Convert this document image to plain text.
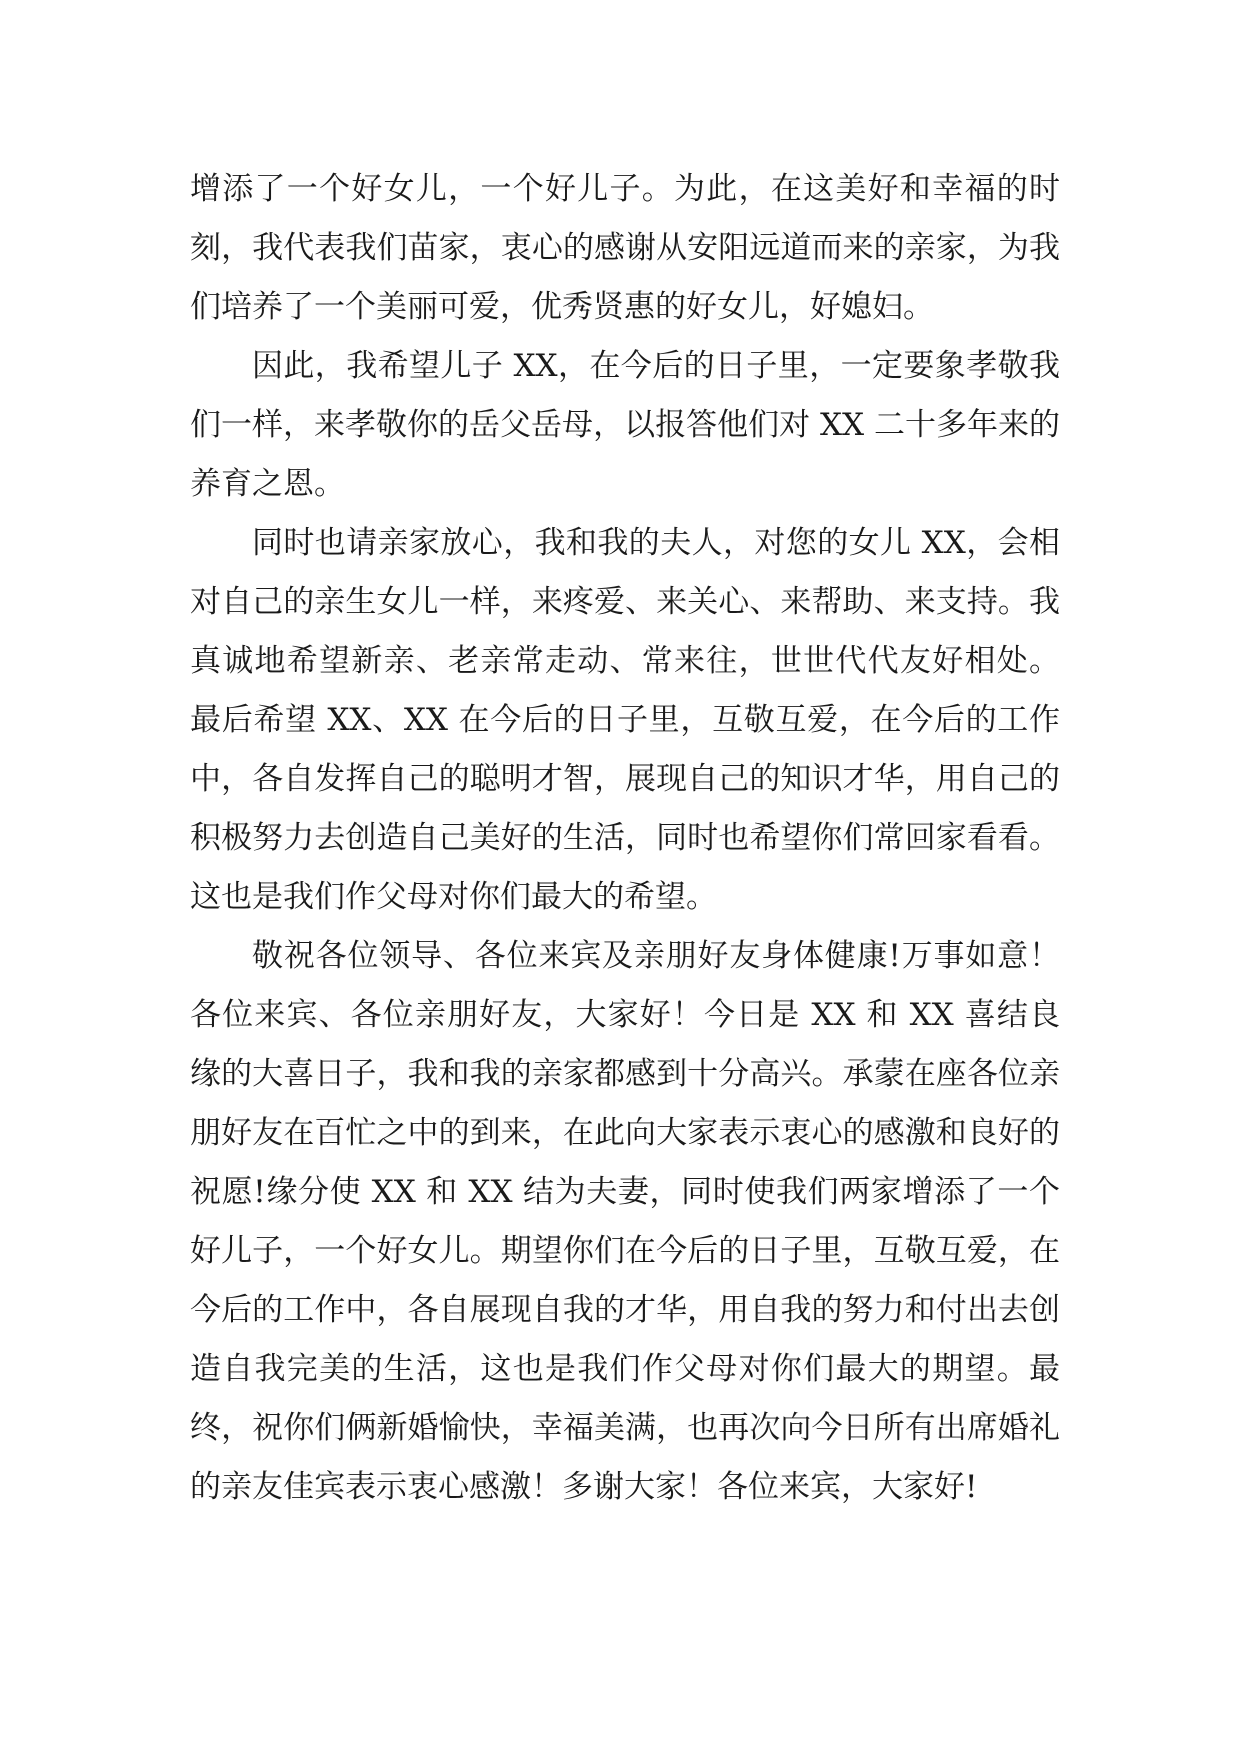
增添了一个好女儿，一个好儿子。为此，在这美好和幸福的时刻，我代表我们苗家，衷心的感谢从安阳远道而来的亲家，为我们培养了一个美丽可爱，优秀贤惠的好女儿，好媳妇。

因此，我希望儿子 XX，在今后的日子里，一定要象孝敬我们一样，来孝敬你的岳父岳母，以报答他们对 XX 二十多年来的养育之恩。

同时也请亲家放心，我和我的夫人，对您的女儿 XX，会相对自己的亲生女儿一样，来疼爱、来关心、来帮助、来支持。我真诚地希望新亲、老亲常走动、常来往，世世代代友好相处。 最后希望 XX、XX 在今后的日子里，互敬互爱，在今后的工作中，各自发挥自己的聪明才智，展现自己的知识才华，用自己的积极努力去创造自己美好的生活，同时也希望你们常回家看看。这也是我们作父母对你们最大的希望。

敬祝各位领导、各位来宾及亲朋好友身体健康!万事如意！各位来宾、各位亲朋好友，大家好！今日是 XX 和 XX 喜结良缘的大喜日子，我和我的亲家都感到十分高兴。承蒙在座各位亲朋好友在百忙之中的到来，在此向大家表示衷心的感激和良好的祝愿!缘分使 XX 和 XX 结为夫妻，同时使我们两家增添了一个好儿子，一个好女儿。期望你们在今后的日子里，互敬互爱，在今后的工作中，各自展现自我的才华，用自我的努力和付出去创造自我完美的生活，这也是我们作父母对你们最大的期望。最终，祝你们俩新婚愉快，幸福美满，也再次向今日所有出席婚礼的亲友佳宾表示衷心感激！多谢大家！各位来宾，大家好!
